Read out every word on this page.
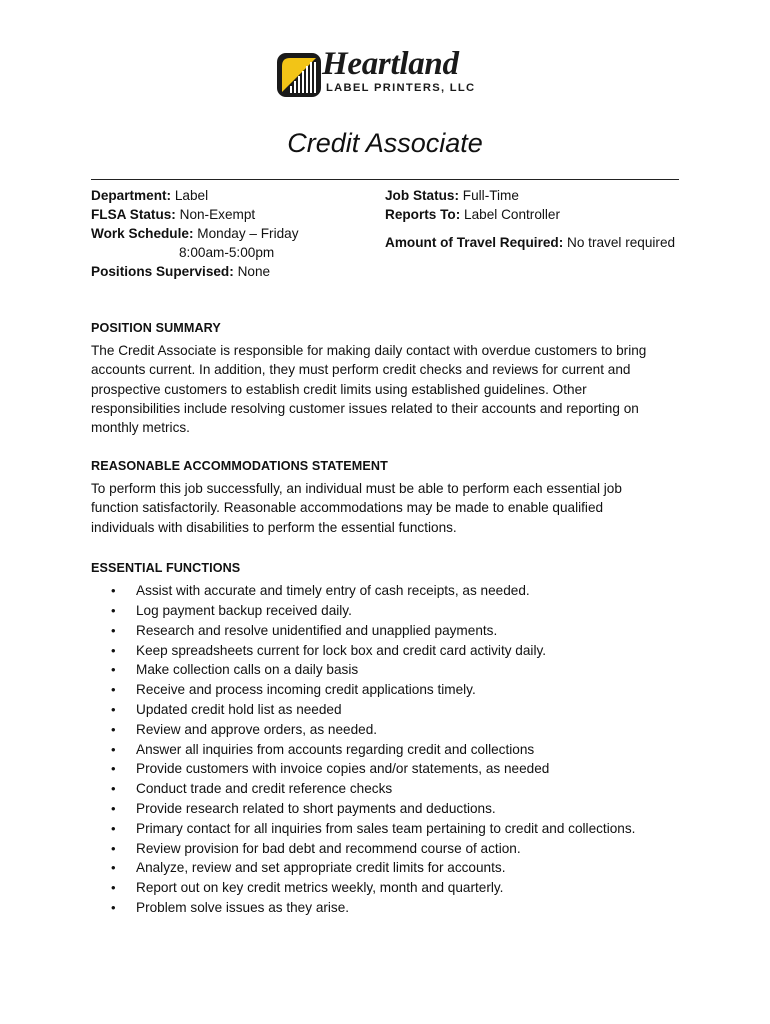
Heartland
LABEL PRINTERS, LLC
Credit Associate
Department: Label
FLSA Status: Non-Exempt
Work Schedule: Monday – Friday
8:00am-5:00pm
Positions Supervised: None
Job Status: Full-Time
Reports To: Label Controller
Amount of Travel Required: No travel required
POSITION SUMMARY

The Credit Associate is responsible for making daily contact with overdue customers to bring
accounts current. In addition, they must perform credit checks and reviews for current and
prospective customers to establish credit limits using established guidelines. Other
responsibilities include resolving customer issues related to their accounts and reporting on
monthly metrics.

REASONABLE ACCOMMODATIONS STATEMENT

To perform this job successfully, an individual must be able to perform each essential job
function satisfactorily. Reasonable accommodations may be made to enable qualified
individuals with disabilities to perform the essential functions.

ESSENTIAL FUNCTIONS
• Assist with accurate and timely entry of cash receipts, as needed.
• Log payment backup received daily.
• Research and resolve unidentified and unapplied payments.
• Keep spreadsheets current for lock box and credit card activity daily.
• Make collection calls on a daily basis
• Receive and process incoming credit applications timely.
• Updated credit hold list as needed
• Review and approve orders, as needed.
• Answer all inquiries from accounts regarding credit and collections
• Provide customers with invoice copies and/or statements, as needed
• Conduct trade and credit reference checks
• Provide research related to short payments and deductions.
• Primary contact for all inquiries from sales team pertaining to credit and collections.
• Review provision for bad debt and recommend course of action.
• Analyze, review and set appropriate credit limits for accounts.
• Report out on key credit metrics weekly, month and quarterly.
• Problem solve issues as they arise.
